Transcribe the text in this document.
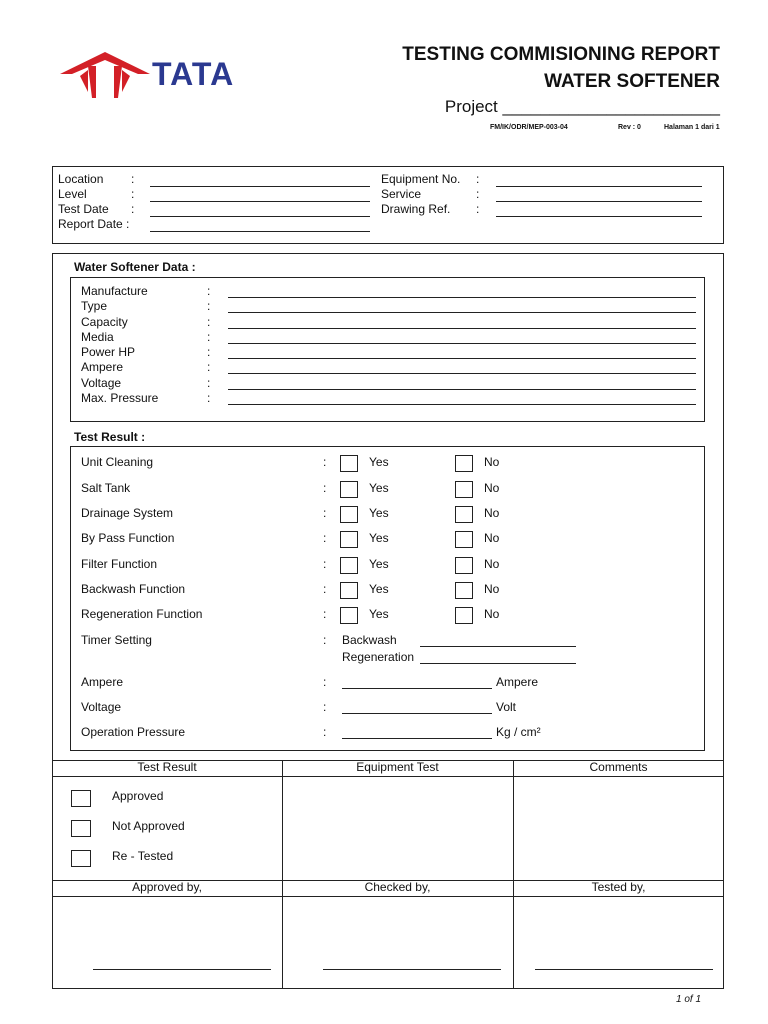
TATA
TESTING COMMISIONING REPORT
WATER SOFTENER
Project _______________________
FM/IK/ODR/MEP-003-04	Rev : 0	Halaman 1 dari 1
Location :
Level	:
Test Date :
Report Date :
Equipment No. :
Service	:
Drawing Ref. :
Water Softener Data :
Manufacture	:
Type	:
Capacity	:
Media	:
Power HP	:
Ampere	:
Voltage	:
Max. Pressure	:
Test Result :
Unit Cleaning	:	Yes	No
Salt Tank	:	Yes	No
Drainage System	:	Yes	No
By Pass Function	:	Yes	No
Filter Function	:	Yes	No
Backwash Function	:	Yes	No
Regeneration Function	:	Yes	No
Timer Setting	: Backwash
Regeneration
Ampere	:	Ampere
Voltage	:	Volt
Operation Pressure	:	Kg / cm²
Test Result	Equipment Test	Comments
Approved
Not Approved
Re - Tested
Approved by,	Checked by,	Tested by,
1 of 1
